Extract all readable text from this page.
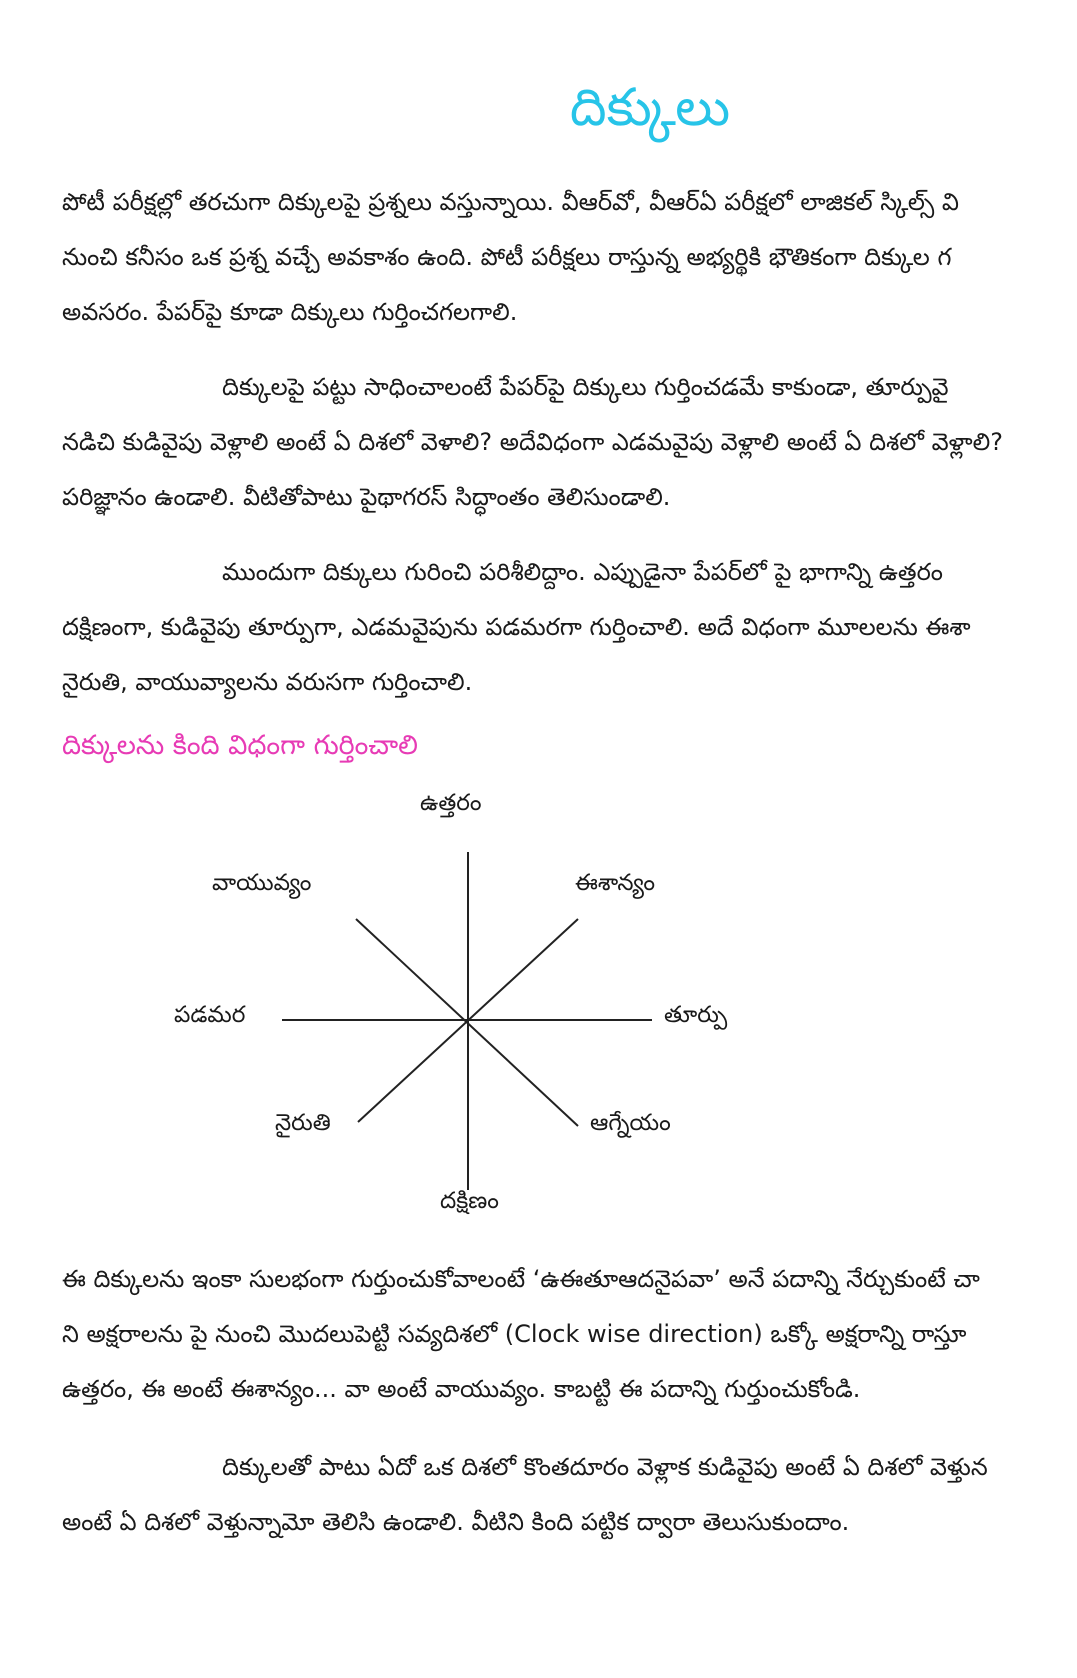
దిక్కులు
పోటీ పరీక్షల్లో తరచుగా దిక్కులపై ప్రశ్నలు వస్తున్నాయి. వీఆర్‌వో, వీఆర్ఏ పరీక్షలో లాజికల్ స్కిల్స్ వి
నుంచి కనీసం ఒక ప్రశ్న వచ్చే అవకాశం ఉంది. పోటీ పరీక్షలు రాస్తున్న అభ్యర్థికి భౌతికంగా దిక్కుల గ
అవసరం. పేపర్‌పై కూడా దిక్కులు గుర్తించగలగాలి.
దిక్కులపై పట్టు సాధించాలంటే పేపర్‌పై దిక్కులు గుర్తించడమే కాకుండా, తూర్పువై
నడిచి కుడివైపు వెళ్లాలి అంటే ఏ దిశలో వెళాలి? అదేవిధంగా ఎడమవైపు వెళ్లాలి అంటే ఏ దిశలో వెళ్లాలి?
పరిజ్ఞానం ఉండాలి. వీటితోపాటు పైథాగరస్ సిద్ధాంతం తెలిసుండాలి.
ముందుగా దిక్కులు గురించి పరిశీలిద్దాం. ఎప్పుడైనా పేపర్‌లో పై భాగాన్ని ఉత్తరం
దక్షిణంగా, కుడివైపు తూర్పుగా, ఎడమవైపును పడమరగా గుర్తించాలి. అదే విధంగా మూలలను ఈశా
నైరుతి, వాయువ్యాలను వరుసగా గుర్తించాలి.
దిక్కులను కింది విధంగా గుర్తించాలి
ఉత్తరం
ఈశాన్యం
తూర్పు
ఆగ్నేయం
దక్షిణం
నైరుతి
పడమర
వాయువ్యం
ఈ దిక్కులను ఇంకా సులభంగా గుర్తుంచుకోవాలంటే ‘ఉఈతూఆదనైపవా’ అనే పదాన్ని నేర్చుకుంటే చా
ని అక్షరాలను పై నుంచి మొదలుపెట్టి సవ్యదిశలో (Clock wise direction) ఒక్కో అక్షరాన్ని రాస్తూ
ఉత్తరం, ఈ అంటే ఈశాన్యం... వా అంటే వాయువ్యం. కాబట్టి ఈ పదాన్ని గుర్తుంచుకోండి.
దిక్కులతో పాటు ఏదో ఒక దిశలో కొంతదూరం వెళ్లాక కుడివైపు అంటే ఏ దిశలో వెళ్తున
అంటే ఏ దిశలో వెళ్తున్నామో తెలిసి ఉండాలి. వీటిని కింది పట్టిక ద్వారా తెలుసుకుందాం.
